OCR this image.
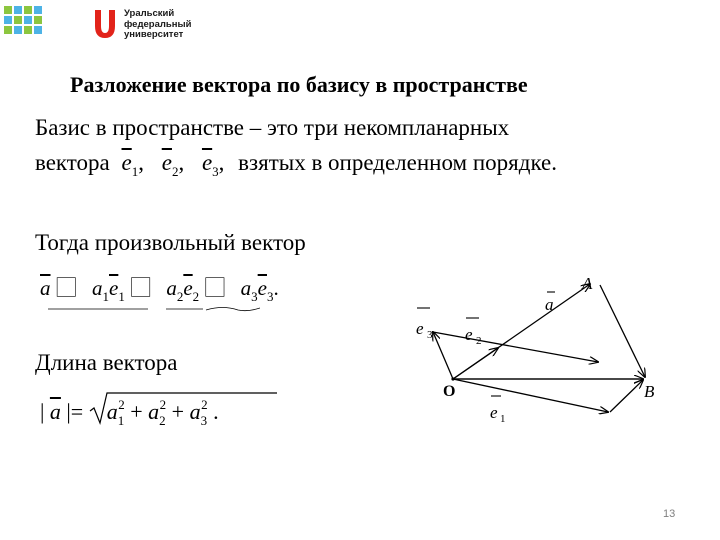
Уральский
федеральный
университет
Разложение вектора по базису в пространстве
Базис в пространстве – это три некомпланарных
вектора $\overline{e}_1$, $\overline{e}_2$, $\overline{e}_3$, взятых в определенном порядке.
Тогда произвольный вектор
$\overline{a}$ ⃞ $a_1\overline{e}_1$ ⃞ $a_2\overline{e}_2$ ⃞ $a_3\overline{e}_3$.
Длина вектора
| $\overline{a}$ |= $a_1^2 + a_2^2 + a_3^2$ .
A
B
a
e 3 e 2
e 1
O
13
